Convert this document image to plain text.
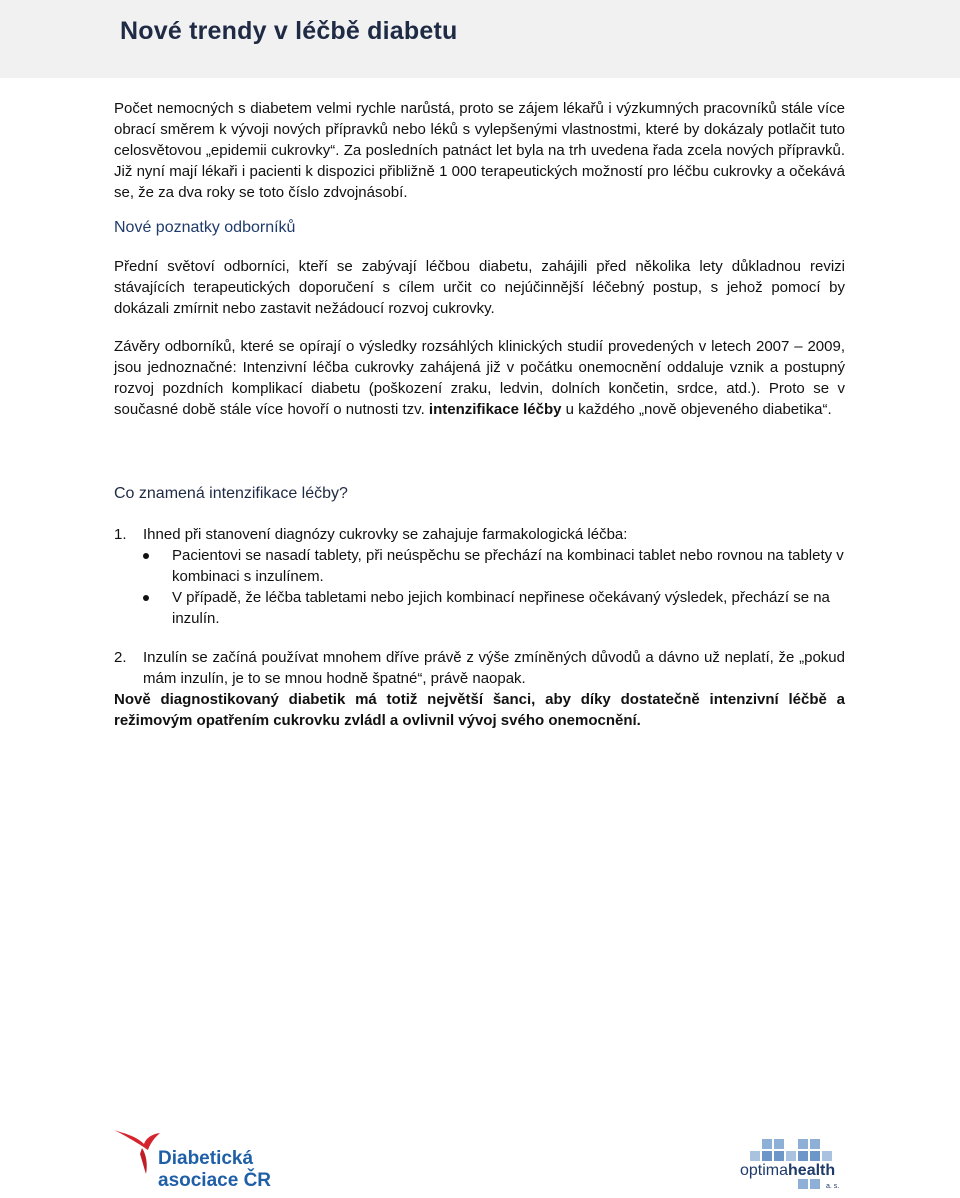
Nové trendy v léčbě diabetu

Počet nemocných s diabetem velmi rychle narůstá, proto se zájem lékařů i výzkumných pracovníků stále více obrací směrem k vývoji nových přípravků nebo léků s vylepšenými vlastnostmi, které by dokázaly potlačit tuto celosvětovou „epidemii cukrovky“. Za posledních patnáct let byla na trh uvedena řada zcela nových přípravků. Již nyní mají lékaři i pacienti k dispozici přibližně 1 000 terapeutických možností pro léčbu cukrovky a očekává se, že za dva roky se toto číslo zdvojnásobí.

Nové poznatky odborníků

Přední světoví odborníci, kteří se zabývají léčbou diabetu, zahájili před několika lety důkladnou revizi stávajících terapeutických doporučení s cílem určit co nejúčinnější léčebný postup, s jehož pomocí by dokázali zmírnit nebo zastavit nežádoucí rozvoj cukrovky.

Závěry odborníků, které se opírají o výsledky rozsáhlých klinických studií provedených v letech 2007 – 2009, jsou jednoznačné: Intenzivní léčba cukrovky zahájená již v počátku onemocnění oddaluje vznik a postupný rozvoj pozdních komplikací diabetu (poškození zraku, ledvin, dolních končetin, srdce, atd.). Proto se v současné době stále více hovoří o nutnosti tzv. intenzifikace léčby u každého „nově objeveného diabetika“.

Co znamená intenzifikace léčby?

1. Ihned při stanovení diagnózy cukrovky se zahajuje farmakologická léčba:

Pacientovi se nasadí tablety, při neúspěchu se přechází na kombinaci tablet nebo rovnou na tablety v kombinaci s inzulínem.
V případě, že léčba tabletami nebo jejich kombinací nepřinese očekávaný výsledek, přechází se na inzulín.

2. Inzulín se začíná používat mnohem dříve právě z výše zmíněných důvodů a dávno už neplatí, že „pokud mám inzulín, je to se mnou hodně špatné“, právě naopak.

Nově diagnostikovaný diabetik má totiž největší šanci, aby díky dostatečně intenzivní léčbě a režimovým opatřením cukrovku zvládl a ovlivnil vývoj svého onemocnění.

Diabetická
asociace ČR	optimahealth
a. s.
